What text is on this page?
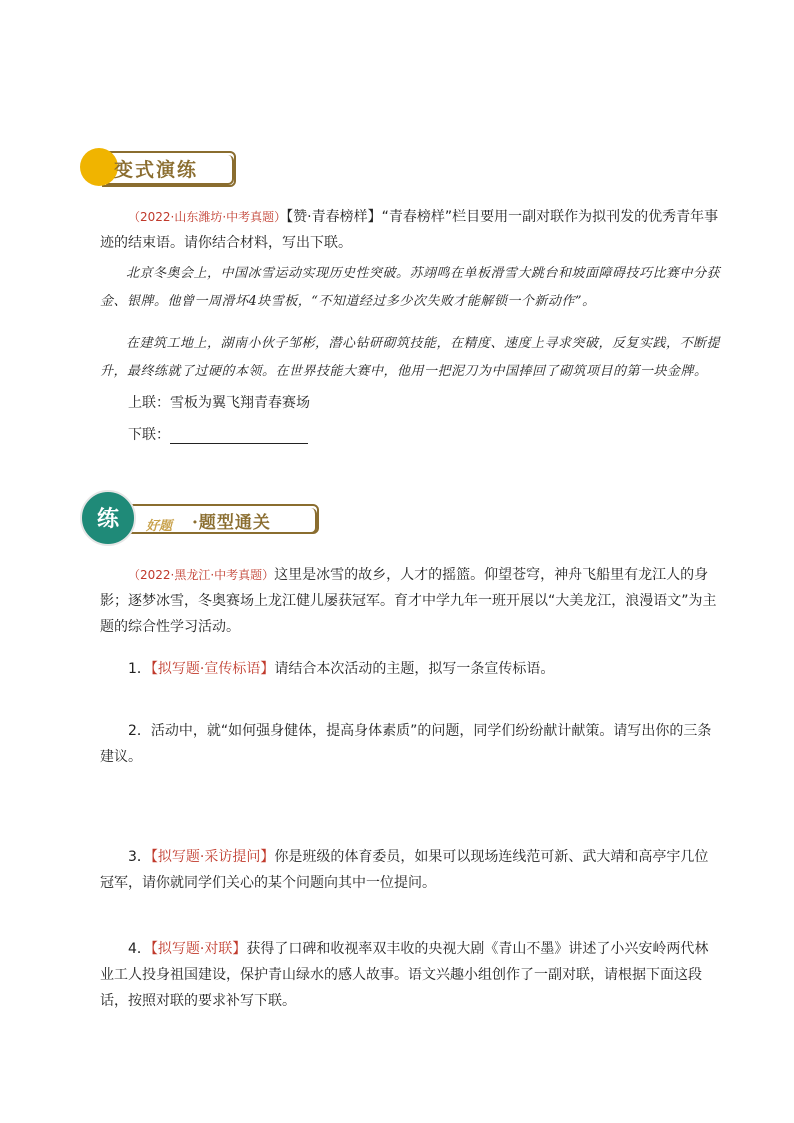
变式演练

（2022·山东潍坊·中考真题）【赞·青春榜样】“青春榜样”栏目要用一副对联作为拟刊发的优秀青年事迹的结束语。请你结合材料，写出下联。

北京冬奥会上，中国冰雪运动实现历史性突破。苏翊鸣在单板滑雪大跳台和坡面障碍技巧比赛中分获金、银牌。他曾一周滑坏4块雪板，“不知道经过多少次失败才能解锁一个新动作”。

在建筑工地上，湖南小伙子邹彬，潜心钻研砌筑技能，在精度、速度上寻求突破，反复实践，不断提升，最终练就了过硬的本领。在世界技能大赛中，他用一把泥刀为中国捧回了砌筑项目的第一块金牌。

上联：雪板为翼飞翔青春赛场

下联：

练	好题 ·题型通关

（2022·黑龙江·中考真题）这里是冰雪的故乡，人才的摇篮。仰望苍穹，神舟飞船里有龙江人的身影；逐梦冰雪，冬奥赛场上龙江健儿屡获冠军。育才中学九年一班开展以“大美龙江，浪漫语文”为主题的综合性学习活动。

1．【拟写题·宣传标语】请结合本次活动的主题，拟写一条宣传标语。

2．活动中，就“如何强身健体，提高身体素质”的问题，同学们纷纷献计献策。请写出你的三条建议。

3．【拟写题·采访提问】你是班级的体育委员，如果可以现场连线范可新、武大靖和高亭宇几位冠军，请你就同学们关心的某个问题向其中一位提问。

4．【拟写题·对联】获得了口碑和收视率双丰收的央视大剧《青山不墨》讲述了小兴安岭两代林业工人投身祖国建设，保护青山绿水的感人故事。语文兴趣小组创作了一副对联，请根据下面这段话，按照对联的要求补写下联。
